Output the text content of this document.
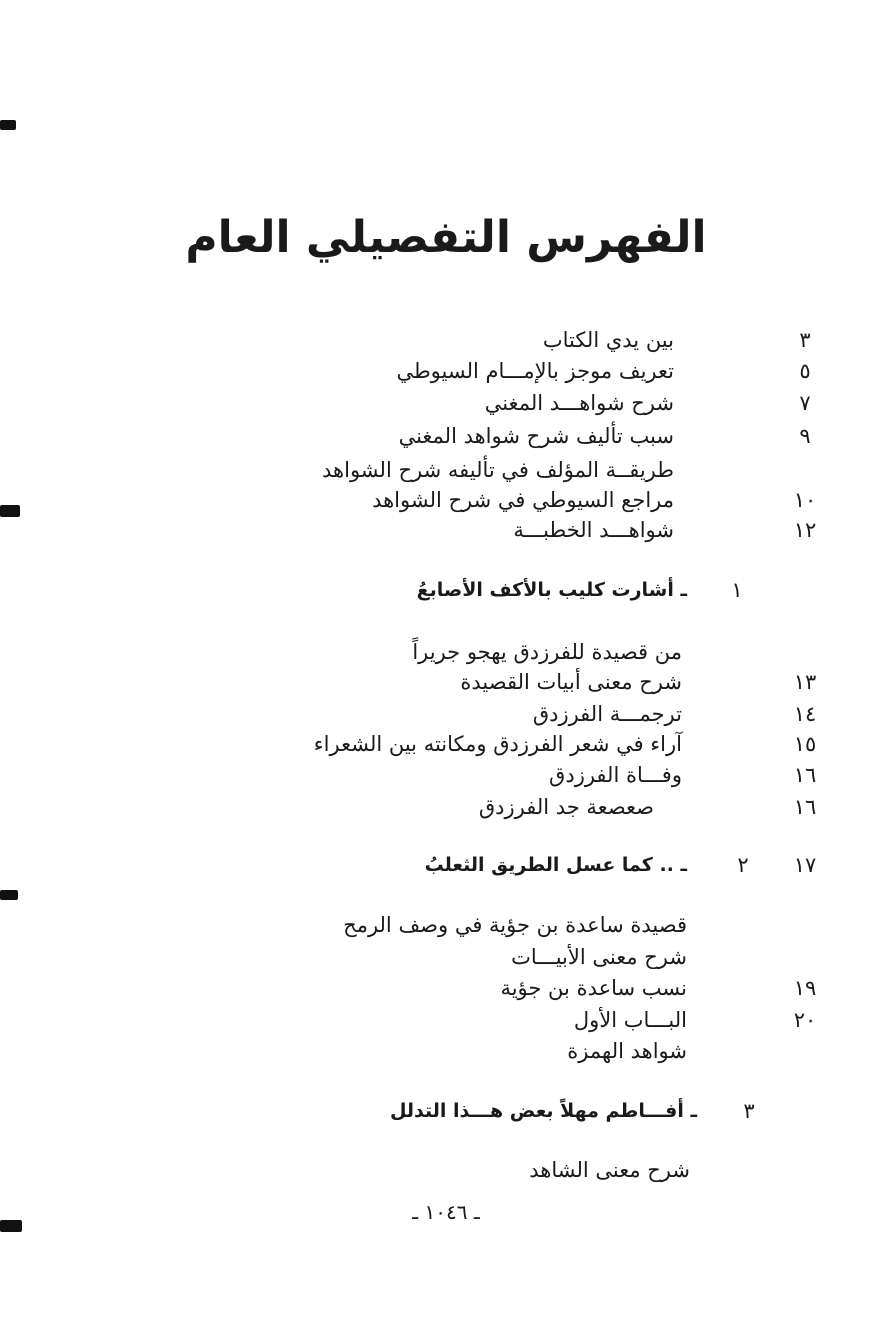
الفهرس التفصيلي العام
٣
بين يدي الكتاب
٥
تعريف موجز بالإمـــام السيوطي
٧
شرح شواهـــد المغني
٩
سبب تأليف شرح شواهد المغني
طريقــة المؤلف في تأليفه شرح الشواهد
١٠
مراجع السيوطي في شرح الشواهد
١٢
شواهـــد الخطبـــة
١
ـ أشارت كليب بالأكف الأصابعُ
من قصيدة للفرزدق يهجو جريراً
١٣
شرح معنى أبيات القصيدة
١٤
ترجمـــة الفرزدق
١٥
آراء في شعر الفرزدق ومكانته بين الشعراء
١٦
وفـــاة الفرزدق
١٦
صعصعة جد الفرزدق
١٧
٢
ـ .. كما عسل الطريق الثعلبُ
قصيدة ساعدة بن جؤية في وصف الرمح
شرح معنى الأبيـــات
١٩
نسب ساعدة بن جؤية
٢٠
البـــاب الأول
شواهد الهمزة
٣
ـ أفـــاطم مهلاً بعض هـــذا التدلل
شرح معنى الشاهد
ـ ١٠٤٦ ـ
